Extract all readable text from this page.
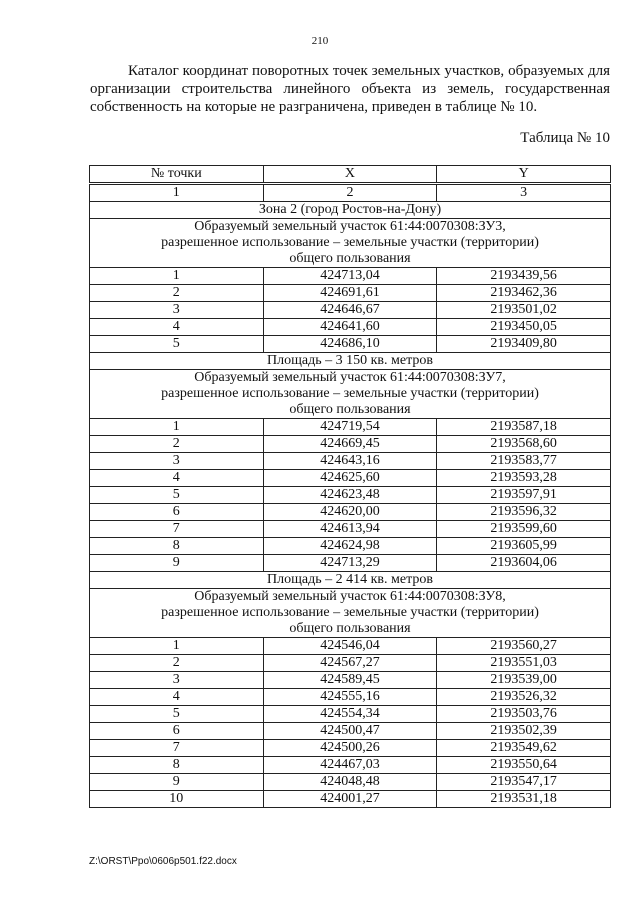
210

Каталог координат поворотных точек земельных участков, образуемых для организации строительства линейного объекта из земель, государственная собственность на которые не разграничена, приведен в таблице № 10.

Таблица № 10
№ точки	X	Y
1	2	3
Зона 2 (город Ростов-на-Дону)		

Образуемый земельный участок 61:44:0070308:ЗУ3,
разрешенное использование – земельные участки (территории)
общего пользования		

1	424713,04	2193439,56
2	424691,61	2193462,36
3	424646,67	2193501,02
4	424641,60	2193450,05
5	424686,10	2193409,80
Площадь – 3 150 кв. метров		

Образуемый земельный участок 61:44:0070308:ЗУ7,
разрешенное использование – земельные участки (территории)
общего пользования		

1	424719,54	2193587,18
2	424669,45	2193568,60
3	424643,16	2193583,77
4	424625,60	2193593,28
5	424623,48	2193597,91
6	424620,00	2193596,32
7	424613,94	2193599,60
8	424624,98	2193605,99
9	424713,29	2193604,06
Площадь – 2 414 кв. метров		

Образуемый земельный участок 61:44:0070308:ЗУ8,
разрешенное использование – земельные участки (территории)
общего пользования		

1	424546,04	2193560,27
2	424567,27	2193551,03
3	424589,45	2193539,00
4	424555,16	2193526,32
5	424554,34	2193503,76
6	424500,47	2193502,39
7	424500,26	2193549,62
8	424467,03	2193550,64
9	424048,48	2193547,17
10	424001,27	2193531,18
Z:\ORST\Ppo\0606p501.f22.docx
